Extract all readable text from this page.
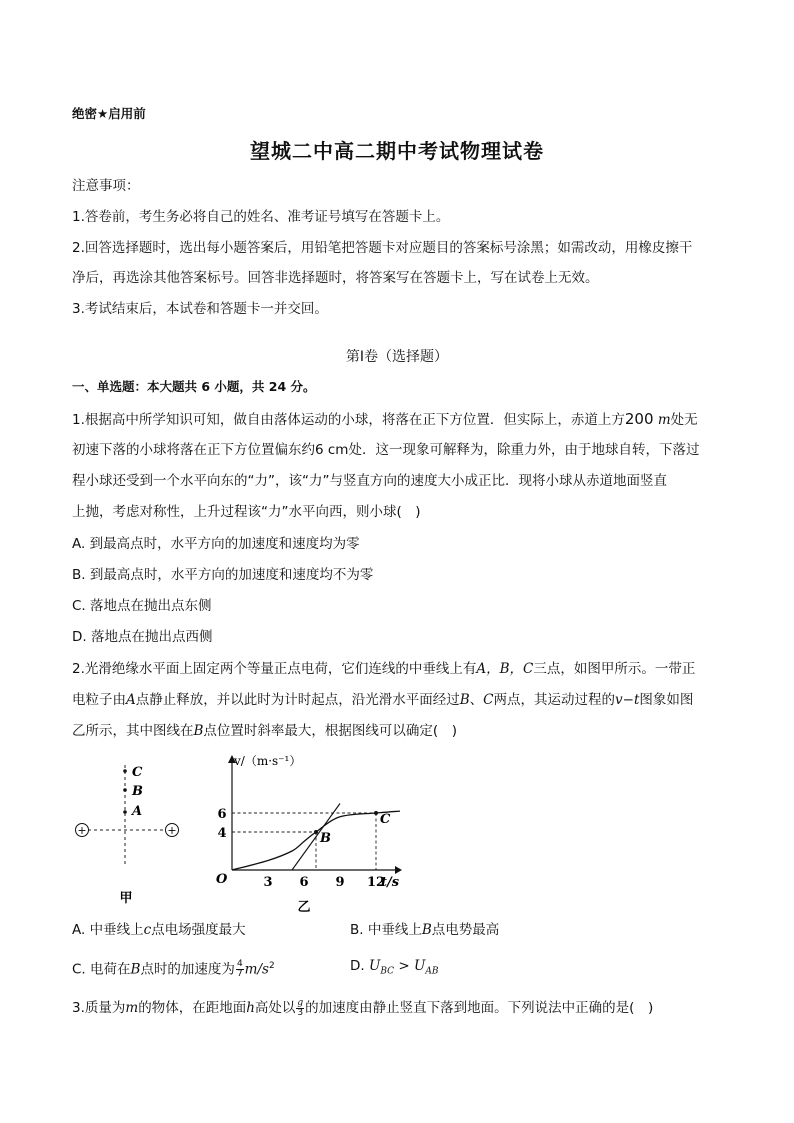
绝密★启用前
望城二中高二期中考试物理试卷
注意事项：
1.答卷前，考生务必将自己的姓名、准考证号填写在答题卡上。
2.回答选择题时，选出每小题答案后，用铅笔把答题卡对应题目的答案标号涂黑；如需改动，用橡皮擦干
净后，再选涂其他答案标号。回答非选择题时，将答案写在答题卡上，写在试卷上无效。
3.考试结束后，本试卷和答题卡一并交回。
第Ⅰ卷（选择题）
一、单选题：本大题共 6 小题，共 24 分。
1.根据高中所学知识可知，做自由落体运动的小球，将落在正下方位置．但实际上，赤道上方200 m处无
初速下落的小球将落在正下方位置偏东约6 cm处．这一现象可解释为，除重力外，由于地球自转，下落过
程小球还受到一个水平向东的“力”，该“力”与竖直方向的速度大小成正比．现将小球从赤道地面竖直
上抛，考虑对称性，上升过程该“力”水平向西，则小球(　)
A. 到最高点时，水平方向的加速度和速度均为零
B. 到最高点时，水平方向的加速度和速度均不为零
C. 落地点在抛出点东侧
D. 落地点在抛出点西侧
2.光滑绝缘水平面上固定两个等量正点电荷，它们连线的中垂线上有A，B，C三点，如图甲所示。一带正
电粒子由A点静止释放，并以此时为计时起点，沿光滑水平面经过B、C两点，其运动过程的v−t图象如图
乙所示，其中图线在B点位置时斜率最大，根据图线可以确定(　)
C
B
A
+	+
甲
v/（m·s⁻¹）
t/s
O
乙
3 6 9 12
4
6
B
C
A. 中垂线上c点电场强度最大	B. 中垂线上B点电势最高
C. 电荷在B点时的加速度为 $\frac{4}{7} m/s^2$	D. $U_{BC} > U_{AB}$
3.质量为m的物体，在距地面h高处以 $\frac{g}{3}$ 的加速度由静止竖直下落到地面。下列说法中正确的是(　)
